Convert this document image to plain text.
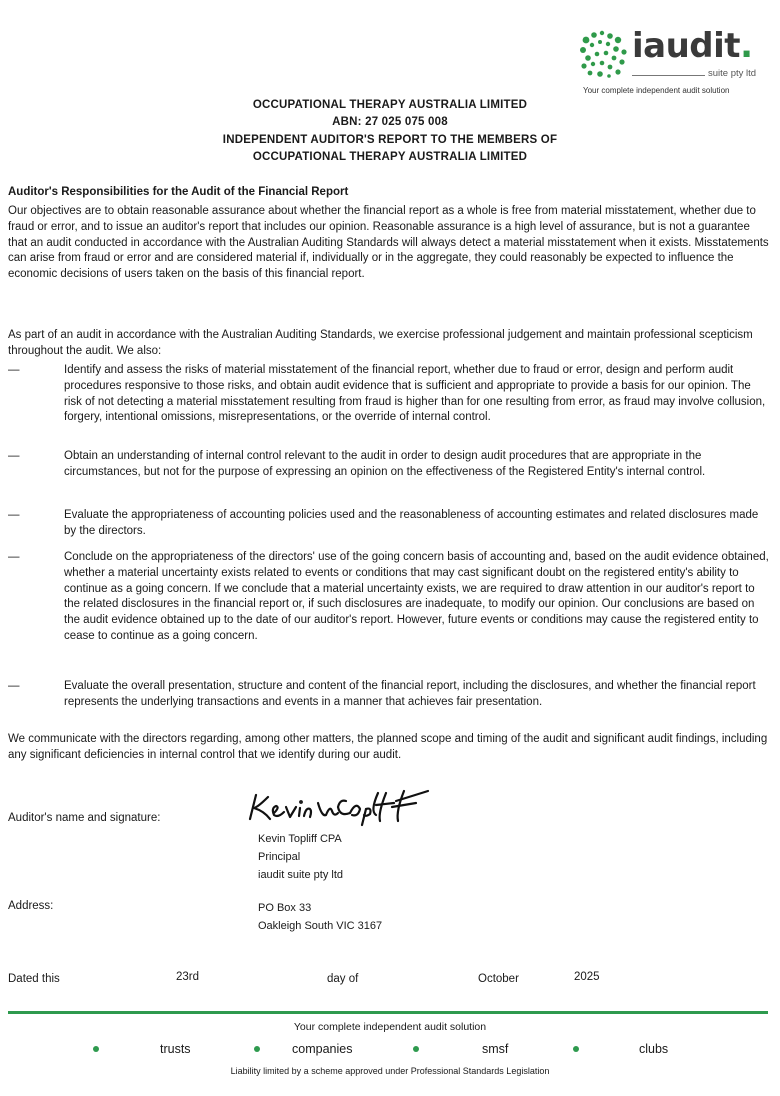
iaudit.
suite pty ltd
Your complete independent audit solution
OCCUPATIONAL THERAPY AUSTRALIA LIMITED
ABN: 27 025 075 008
INDEPENDENT AUDITOR'S REPORT TO THE MEMBERS OF
OCCUPATIONAL THERAPY AUSTRALIA LIMITED
Auditor's Responsibilities for the Audit of the Financial Report
Our objectives are to obtain reasonable assurance about whether the financial report as a whole is free from material misstatement, whether due to fraud or error, and to issue an auditor's report that includes our opinion. Reasonable assurance is a high level of assurance, but is not a guarantee that an audit conducted in accordance with the Australian Auditing Standards will always detect a material misstatement when it exists. Misstatements can arise from fraud or error and are considered material if, individually or in the aggregate, they could reasonably be expected to influence the economic decisions of users taken on the basis of this financial report.
As part of an audit in accordance with the Australian Auditing Standards, we exercise professional judgement and maintain professional scepticism throughout the audit. We also:
—	Identify and assess the risks of material misstatement of the financial report, whether due to fraud or error, design and perform audit procedures responsive to those risks, and obtain audit evidence that is sufficient and appropriate to provide a basis for our opinion. The risk of not detecting a material misstatement resulting from fraud is higher than for one resulting from error, as fraud may involve collusion, forgery, intentional omissions, misrepresentations, or the override of internal control.
—	Obtain an understanding of internal control relevant to the audit in order to design audit procedures that are appropriate in the circumstances, but not for the purpose of expressing an opinion on the effectiveness of the Registered Entity's internal control.
—	Evaluate the appropriateness of accounting policies used and the reasonableness of accounting estimates and related disclosures made by the directors.
—	Conclude on the appropriateness of the directors' use of the going concern basis of accounting and, based on the audit evidence obtained, whether a material uncertainty exists related to events or conditions that may cast significant doubt on the registered entity's ability to continue as a going concern. If we conclude that a material uncertainty exists, we are required to draw attention in our auditor's report to the related disclosures in the financial report or, if such disclosures are inadequate, to modify our opinion. Our conclusions are based on the audit evidence obtained up to the date of our auditor's report. However, future events or conditions may cause the registered entity to cease to continue as a going concern.
—	Evaluate the overall presentation, structure and content of the financial report, including the disclosures, and whether the financial report represents the underlying transactions and events in a manner that achieves fair presentation.
We communicate with the directors regarding, among other matters, the planned scope and timing of the audit and significant audit findings, including any significant deficiencies in internal control that we identify during our audit.
Auditor's name and signature:
Kevin Topliff CPA
Principal
iaudit suite pty ltd
Address:	PO Box 33
Oakleigh South VIC 3167
Dated this	23rd	day of	October	2025
Your complete independent audit solution
trusts	companies	smsf	clubs
Liability limited by a scheme approved under Professional Standards Legislation
